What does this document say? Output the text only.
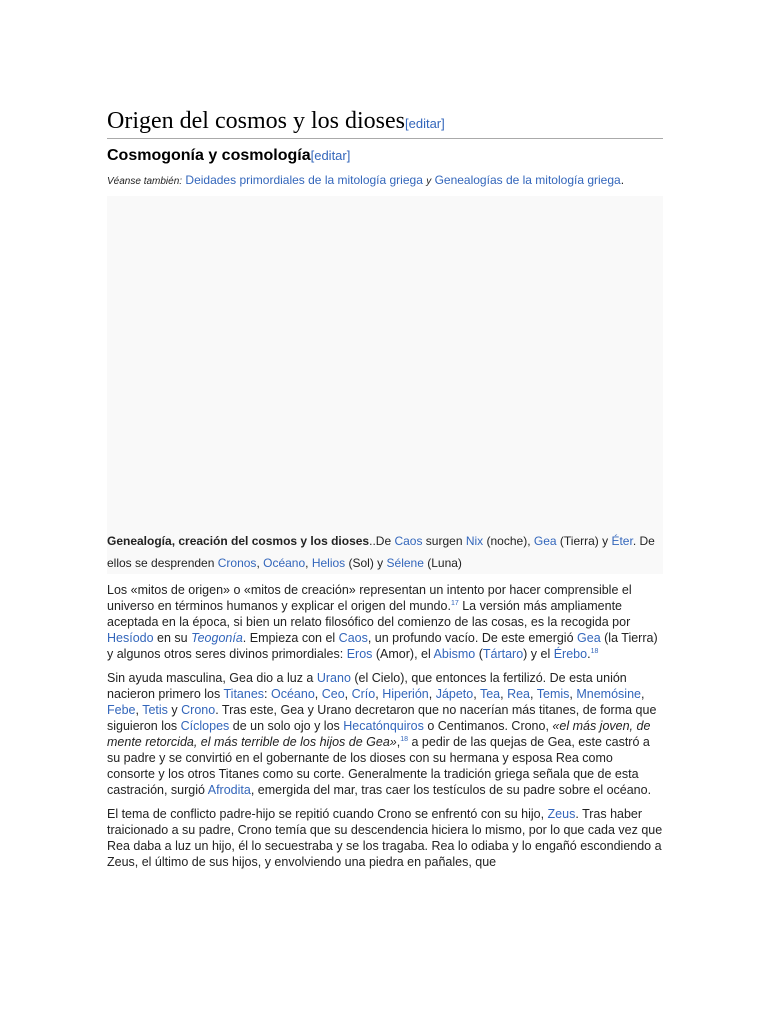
Origen del cosmos y los dioses[editar]
Cosmogonía y cosmología[editar]
Véanse también: Deidades primordiales de la mitología griega y Genealogías de la mitología griega.
Genealogía, creación del cosmos y los dioses..De Caos surgen Nix (noche), Gea (Tierra) y Éter. De ellos se desprenden Cronos, Océano, Helios (Sol) y Sélene (Luna)

Los «mitos de origen» o «mitos de creación» representan un intento por hacer comprensible el universo en términos humanos y explicar el origen del mundo.$^{17}$ La versión más ampliamente aceptada en la época, si bien un relato filosófico del comienzo de las cosas, es la recogida por Hesíodo en su Teogonía. Empieza con el Caos, un profundo vacío. De este emergió Gea (la Tierra) y algunos otros seres divinos primordiales: Eros (Amor), el Abismo (Tártaro) y el Érebo.$^{18}$

Sin ayuda masculina, Gea dio a luz a Urano (el Cielo), que entonces la fertilizó. De esta unión nacieron primero los Titanes: Océano, Ceo, Crío, Hiperión, Jápeto, Tea, Rea, Temis, Mnemósine, Febe, Tetis y Crono. Tras este, Gea y Urano decretaron que no nacerían más titanes, de forma que siguieron los Cíclopes de un solo ojo y los Hecatónquiros o Centimanos. Crono, «el más joven, de mente retorcida, el más terrible de los hijos de Gea»,$^{18}$ a pedir de las quejas de Gea, este castró a su padre y se convirtió en el gobernante de los dioses con su hermana y esposa Rea como consorte y los otros Titanes como su corte. Generalmente la tradición griega señala que de esta castración, surgió Afrodita, emergida del mar, tras caer los testículos de su padre sobre el océano.

El tema de conflicto padre-hijo se repitió cuando Crono se enfrentó con su hijo, Zeus. Tras haber traicionado a su padre, Crono temía que su descendencia hiciera lo mismo, por lo que cada vez que Rea daba a luz un hijo, él lo secuestraba y se los tragaba. Rea lo odiaba y lo engañó escondiendo a Zeus, el último de sus hijos, y envolviendo una piedra en pañales, que
